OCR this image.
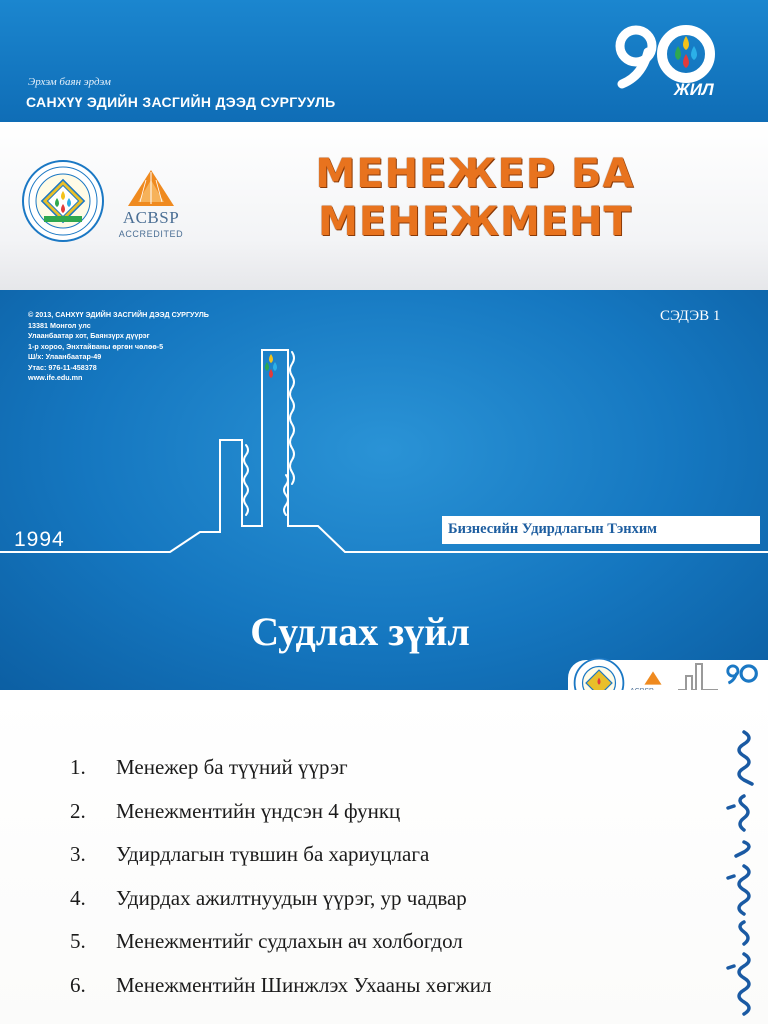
Эрхэм баян эрдэм
САНХҮҮ ЭДИЙН ЗАСГИЙН ДЭЭД СУРГУУЛЬ
ЖИЛ
ACBSP
ACCREDITED
МЕНЕЖЕР БА
МЕНЕЖМЕНТ
© 2013, САНХҮҮ ЭДИЙН ЗАСГИЙН ДЭЭД СУРГУУЛЬ
13381 Монгол улс
Улаанбаатар хот, Баянзүрх дүүрэг
1-р хороо, Энхтайваны өргөн чөлөө-5
Ш/х: Улаанбаатар-49
Утас: 976-11-458378
www.ife.edu.mn
СЭДЭВ 1
Бизнесийн Удирдлагын Тэнхим
1994
Судлах зүйл
1. Менежер ба түүний үүрэг
2. Менежментийн үндсэн 4 функц
3. Удирдлагын түвшин ба хариуцлага
4. Удирдах ажилтнуудын үүрэг, ур чадвар
5. Менежментийг судлахын ач холбогдол
6. Менежментийн Шинжлэх Ухааны хөгжил
